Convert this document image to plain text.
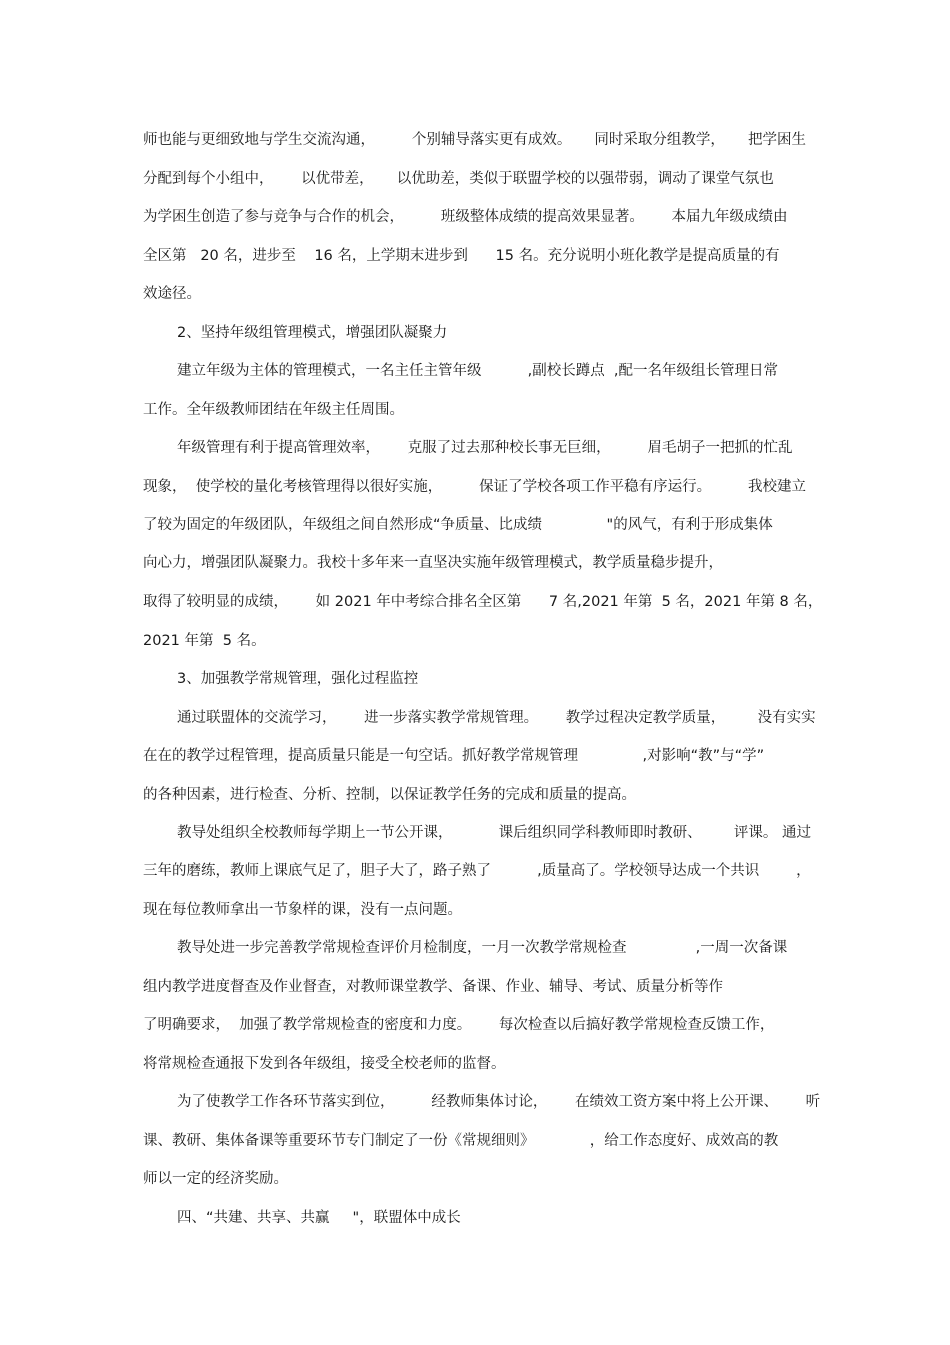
师也能与更细致地与学生交流沟通，        个别辅导落实更有成效。     同时采取分组教学，     把学困生
分配到每个小组中，      以优带差，     以优助差，类似于联盟学校的以强带弱，调动了课堂气氛也
为学困生创造了参与竞争与合作的机会，        班级整体成绩的提高效果显著。      本届九年级成绩由
全区第   20 名，进步至    16 名，上学期末进步到      15 名。充分说明小班化教学是提高质量的有
效途径。
2、坚持年级组管理模式，增强团队凝聚力
建立年级为主体的管理模式，一名主任主管年级          ,副校长蹲点  ,配一名年级组长管理日常
工作。全年级教师团结在年级主任周围。
年级管理有利于提高管理效率，      克服了过去那种校长事无巨细，        眉毛胡子一把抓的忙乱
现象，  使学校的量化考核管理得以很好实施，        保证了学校各项工作平稳有序运行。        我校建立
了较为固定的年级团队，年级组之间自然形成“争质量、比成绩              "的风气，有利于形成集体
向心力，增强团队凝聚力。我校十多年来一直坚决实施年级管理模式，教学质量稳步提升，
取得了较明显的成绩，      如 2021 年中考综合排名全区第      7 名,2021 年第  5 名，2021 年第 8 名，
2021 年第  5 名。
3、加强教学常规管理，强化过程监控
通过联盟体的交流学习，      进一步落实教学常规管理。      教学过程决定教学质量，       没有实实
在在的教学过程管理，提高质量只能是一句空话。抓好教学常规管理              ,对影响“教”与“学”
的各种因素，进行检查、分析、控制，以保证教学任务的完成和质量的提高。
教导处组织全校教师每学期上一节公开课，          课后组织同学科教师即时教研、       评课。 通过
三年的磨练，教师上课底气足了，胆子大了，路子熟了          ,质量高了。学校领导达成一个共识        ，
现在每位教师拿出一节象样的课，没有一点问题。
教导处进一步完善教学常规检查评价月检制度，一月一次教学常规检查               ,一周一次备课
组内教学进度督查及作业督查，对教师课堂教学、备课、作业、辅导、考试、质量分析等作
了明确要求，  加强了教学常规检查的密度和力度。      每次检查以后搞好教学常规检查反馈工作，
将常规检查通报下发到各年级组，接受全校老师的监督。
为了使教学工作各环节落实到位，        经教师集体讨论，      在绩效工资方案中将上公开课、      听
课、教研、集体备课等重要环节专门制定了一份《常规细则》            ，给工作态度好、成效高的教
师以一定的经济奖励。
四、“共建、共享、共赢     "，联盟体中成长
